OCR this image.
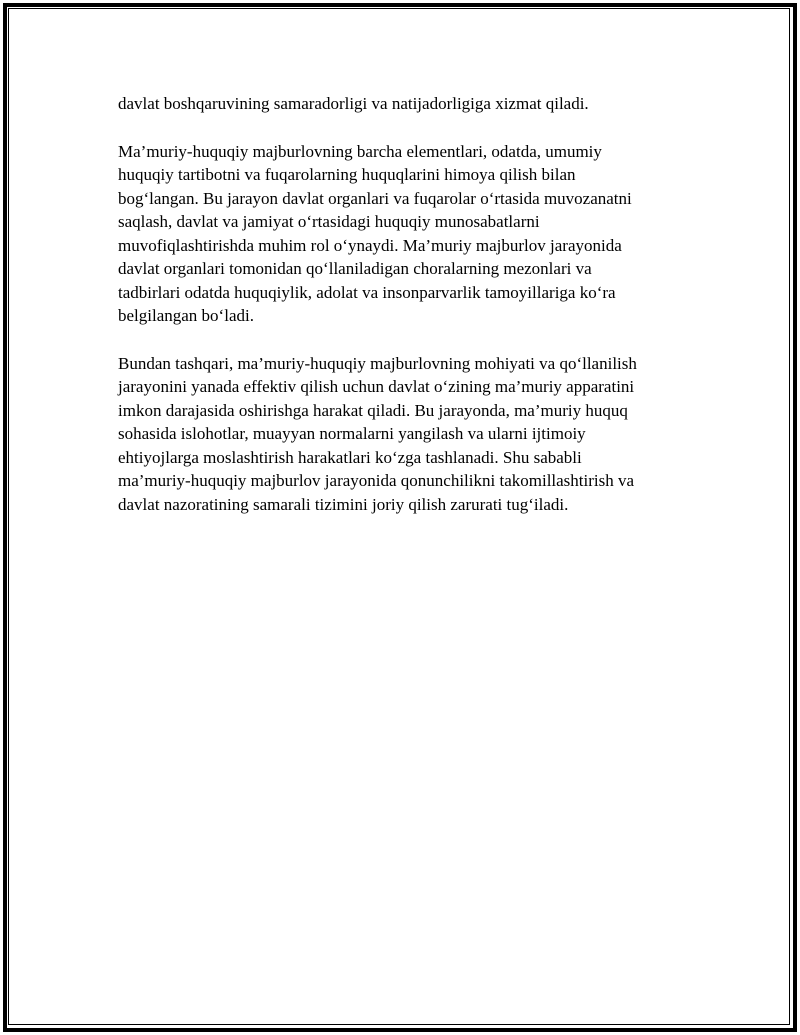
davlat boshqaruvining samaradorligi va natijadorligiga xizmat qiladi.

Ma’muriy-huquqiy majburlovning barcha elementlari, odatda, umumiy
huquqiy tartibotni va fuqarolarning huquqlarini himoya qilish bilan
bog‘langan. Bu jarayon davlat organlari va fuqarolar o‘rtasida muvozanatni
saqlash, davlat va jamiyat o‘rtasidagi huquqiy munosabatlarni
muvofiqlashtirishda muhim rol o‘ynaydi. Ma’muriy majburlov jarayonida
davlat organlari tomonidan qo‘llaniladigan choralarning mezonlari va
tadbirlari odatda huquqiylik, adolat va insonparvarlik tamoyillariga ko‘ra
belgilangan bo‘ladi.

Bundan tashqari, ma’muriy-huquqiy majburlovning mohiyati va qo‘llanilish
jarayonini yanada effektiv qilish uchun davlat o‘zining ma’muriy apparatini
imkon darajasida oshirishga harakat qiladi. Bu jarayonda, ma’muriy huquq
sohasida islohotlar, muayyan normalarni yangilash va ularni ijtimoiy
ehtiyojlarga moslashtirish harakatlari ko‘zga tashlanadi. Shu sababli
ma’muriy-huquqiy majburlov jarayonida qonunchilikni takomillashtirish va
davlat nazoratining samarali tizimini joriy qilish zarurati tug‘iladi.
